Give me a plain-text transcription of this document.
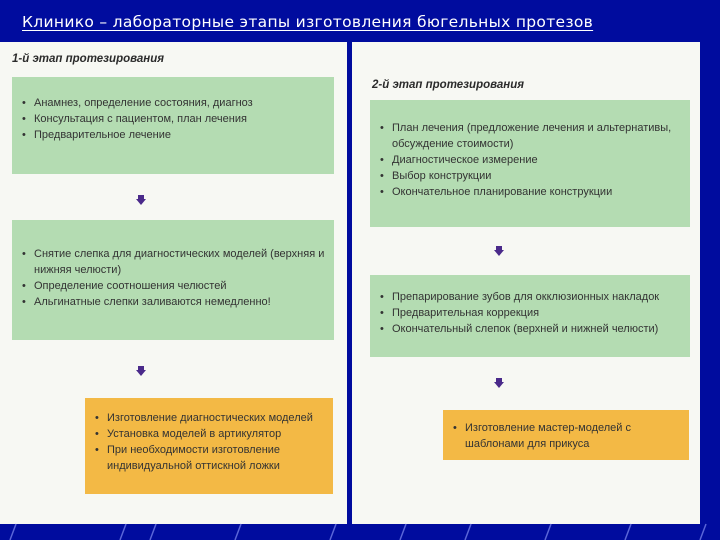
Клинико – лабораторные этапы изготовления бюгельных протезов
1-й этап протезирования
• Анамнез, определение состояния, диагноз
• Консультация с пациентом, план лечения
• Предварительное лечение
• Снятие слепка для диагностических моделей (верхняя и нижняя челюсти)
• Определение соотношения челюстей
• Альгинатные слепки заливаются немедленно!
• Изготовление диагностических моделей
• Установка моделей в артикулятор
• При необходимости изготовление индивидуальной оттискной ложки
2-й этап протезирования
• План лечения (предложение лечения и альтернативы, обсуждение стоимости)
• Диагностическое измерение
• Выбор конструкции
• Окончательное планирование конструкции
• Препарирование зубов для окклюзионных накладок
• Предварительная коррекция
• Окончательный слепок (верхней и нижней челюсти)
• Изготовление мастер-моделей с шаблонами для прикуса
